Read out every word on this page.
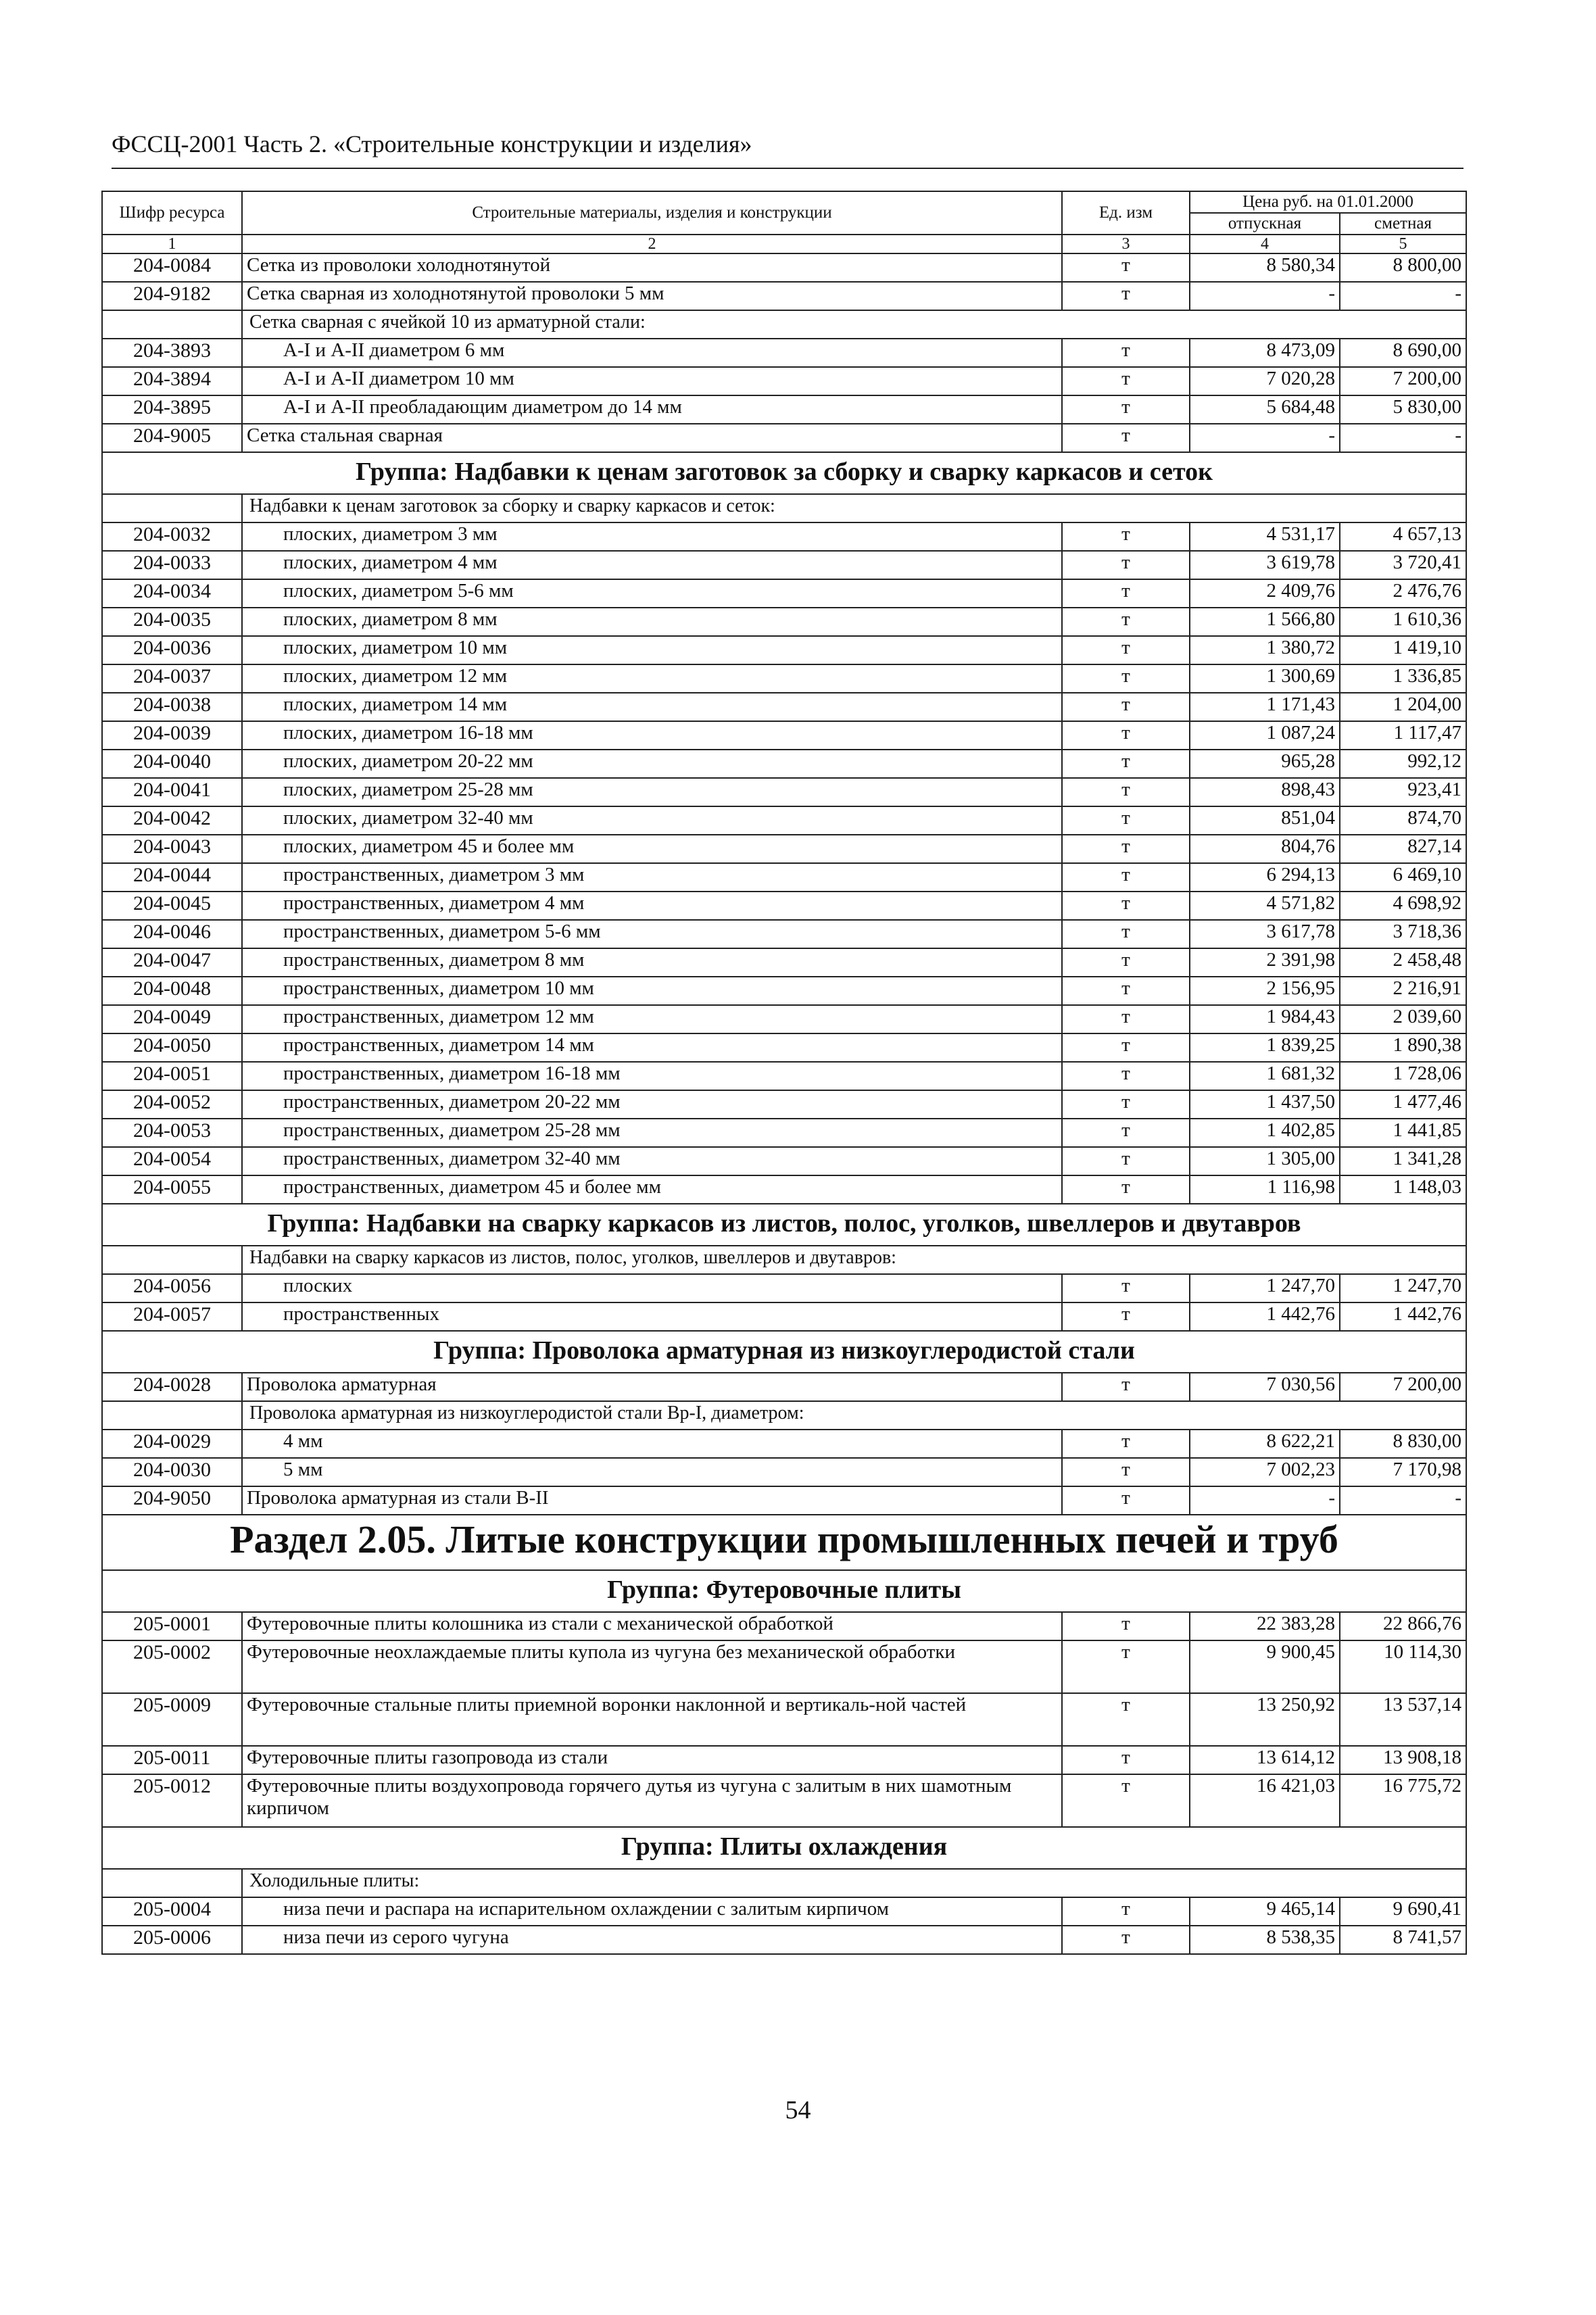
ФССЦ-2001 Часть 2. «Строительные конструкции и изделия»
Шифр ресурса	Строительные материалы, изделия и конструкции	Ед. изм	Цена руб. на 01.01.2000	
			отпускная	сметная
1	2	3	4	5
204-0084	Сетка из проволоки холоднотянутой	т	8 580,34	8 800,00
204-9182	Сетка сварная из холоднотянутой проволоки 5 мм	т	-	-
	Сетка сварная с ячейкой 10 из арматурной стали:			
204-3893	А-I и А-II диаметром 6 мм	т	8 473,09	8 690,00
204-3894	А-I и А-II диаметром 10 мм	т	7 020,28	7 200,00
204-3895	А-I и А-II преобладающим диаметром до 14 мм	т	5 684,48	5 830,00
204-9005	Сетка стальная сварная	т	-	-
Группа: Надбавки к ценам заготовок за сборку и сварку каркасов и сеток				
	Надбавки к ценам заготовок за сборку и сварку каркасов и сеток:			
204-0032	плоских, диаметром 3 мм	т	4 531,17	4 657,13
204-0033	плоских, диаметром 4 мм	т	3 619,78	3 720,41
204-0034	плоских, диаметром 5-6 мм	т	2 409,76	2 476,76
204-0035	плоских, диаметром 8 мм	т	1 566,80	1 610,36
204-0036	плоских, диаметром 10 мм	т	1 380,72	1 419,10
204-0037	плоских, диаметром 12 мм	т	1 300,69	1 336,85
204-0038	плоских, диаметром 14 мм	т	1 171,43	1 204,00
204-0039	плоских, диаметром 16-18 мм	т	1 087,24	1 117,47
204-0040	плоских, диаметром 20-22 мм	т	965,28	992,12
204-0041	плоских, диаметром 25-28 мм	т	898,43	923,41
204-0042	плоских, диаметром 32-40 мм	т	851,04	874,70
204-0043	плоских, диаметром 45 и более мм	т	804,76	827,14
204-0044	пространственных, диаметром 3 мм	т	6 294,13	6 469,10
204-0045	пространственных, диаметром 4 мм	т	4 571,82	4 698,92
204-0046	пространственных, диаметром 5-6 мм	т	3 617,78	3 718,36
204-0047	пространственных, диаметром 8 мм	т	2 391,98	2 458,48
204-0048	пространственных, диаметром 10 мм	т	2 156,95	2 216,91
204-0049	пространственных, диаметром 12 мм	т	1 984,43	2 039,60
204-0050	пространственных, диаметром 14 мм	т	1 839,25	1 890,38
204-0051	пространственных, диаметром 16-18 мм	т	1 681,32	1 728,06
204-0052	пространственных, диаметром 20-22 мм	т	1 437,50	1 477,46
204-0053	пространственных, диаметром 25-28 мм	т	1 402,85	1 441,85
204-0054	пространственных, диаметром 32-40 мм	т	1 305,00	1 341,28
204-0055	пространственных, диаметром 45 и более мм	т	1 116,98	1 148,03
Группа: Надбавки на сварку каркасов из листов, полос, уголков, швеллеров и двутавров				
	Надбавки на сварку каркасов из листов, полос, уголков, швеллеров и двутавров:			
204-0056	плоских	т	1 247,70	1 247,70
204-0057	пространственных	т	1 442,76	1 442,76
Группа: Проволока арматурная из низкоуглеродистой стали				
204-0028	Проволока арматурная	т	7 030,56	7 200,00
	Проволока арматурная из низкоуглеродистой стали Вр-I, диаметром:			
204-0029	4 мм	т	8 622,21	8 830,00
204-0030	5 мм	т	7 002,23	7 170,98
204-9050	Проволока арматурная из стали В-II	т	-	-
Раздел 2.05. Литые конструкции промышленных печей и труб				
Группа: Футеровочные плиты				
205-0001	Футеровочные плиты колошника из стали с механической обработкой	т	22 383,28	22 866,76
205-0002	Футеровочные неохлаждаемые плиты купола из чугуна без механической обработки	т	9 900,45	10 114,30
205-0009	Футеровочные стальные плиты приемной воронки наклонной и вертикаль-ной частей	т	13 250,92	13 537,14
205-0011	Футеровочные плиты газопровода из стали	т	13 614,12	13 908,18
205-0012	Футеровочные плиты воздухопровода горячего дутья из чугуна с залитым в них шамотным кирпичом	т	16 421,03	16 775,72
Группа: Плиты охлаждения				
	Холодильные плиты:			
205-0004	низа печи и распара на испарительном охлаждении с залитым кирпичом	т	9 465,14	9 690,41
205-0006	низа печи из серого чугуна	т	8 538,35	8 741,57
54
